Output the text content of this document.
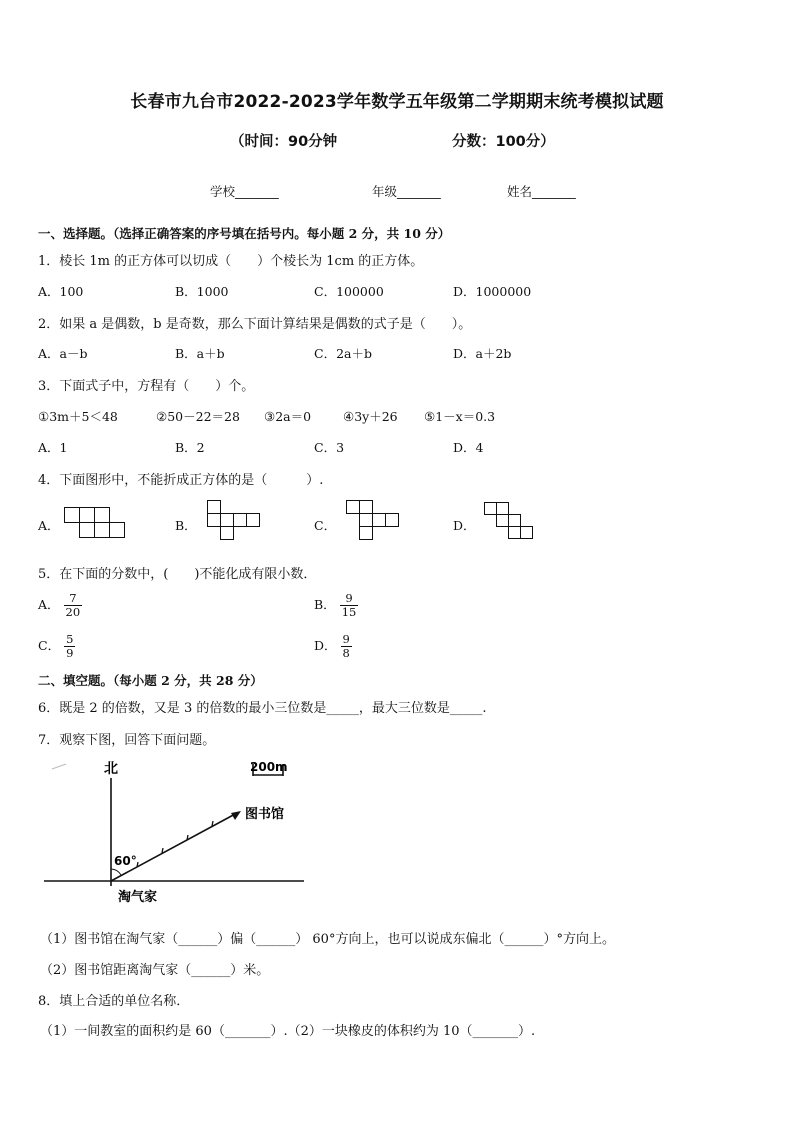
长春市九台市2022-2023学年数学五年级第二学期期末统考模拟试题
（时间：90分钟	分数：100分）
学校_______	年级_______	姓名_______
一、选择题。（选择正确答案的序号填在括号内。每小题 2 分，共 10 分）
1．棱长 1m 的正方体可以切成（　　）个棱长为 1cm 的正方体。
A．100	B．1000	C．100000	D．1000000
2．如果 a 是偶数，b 是奇数，那么下面计算结果是偶数的式子是（　　）。
A．a－b	B．a＋b	C．2a＋b	D．a＋2b
3．下面式子中，方程有（　　）个。
①3m＋5＜48	②50－22＝28 ③2a＝0	④3y＋26 ⑤1－x＝0.3
A．1	B．2	C．3	D．4
4．下面图形中，不能折成正方体的是（　　　）.
A．	B．	C．	D．
5．在下面的分数中，(　　)不能化成有限小数．
A． $\frac{7}{20}$	B． $\frac{9}{15}$
C． $\frac{5}{9}$	D． $\frac{9}{8}$
二、填空题。（每小题 2 分，共 28 分）
6．既是 2 的倍数，又是 3 的倍数的最小三位数是_____，最大三位数是_____.
7．观察下图，回答下面问题。
北	200m
图书馆
60°
淘气家
（1）图书馆在淘气家（______）偏（______） 60°方向上，也可以说成东偏北（______）°方向上。
（2）图书馆距离淘气家（______）米。
8．填上合适的单位名称．
（1）一间教室的面积约是 60（_______）.（2）一块橡皮的体积约为 10（_______）.
